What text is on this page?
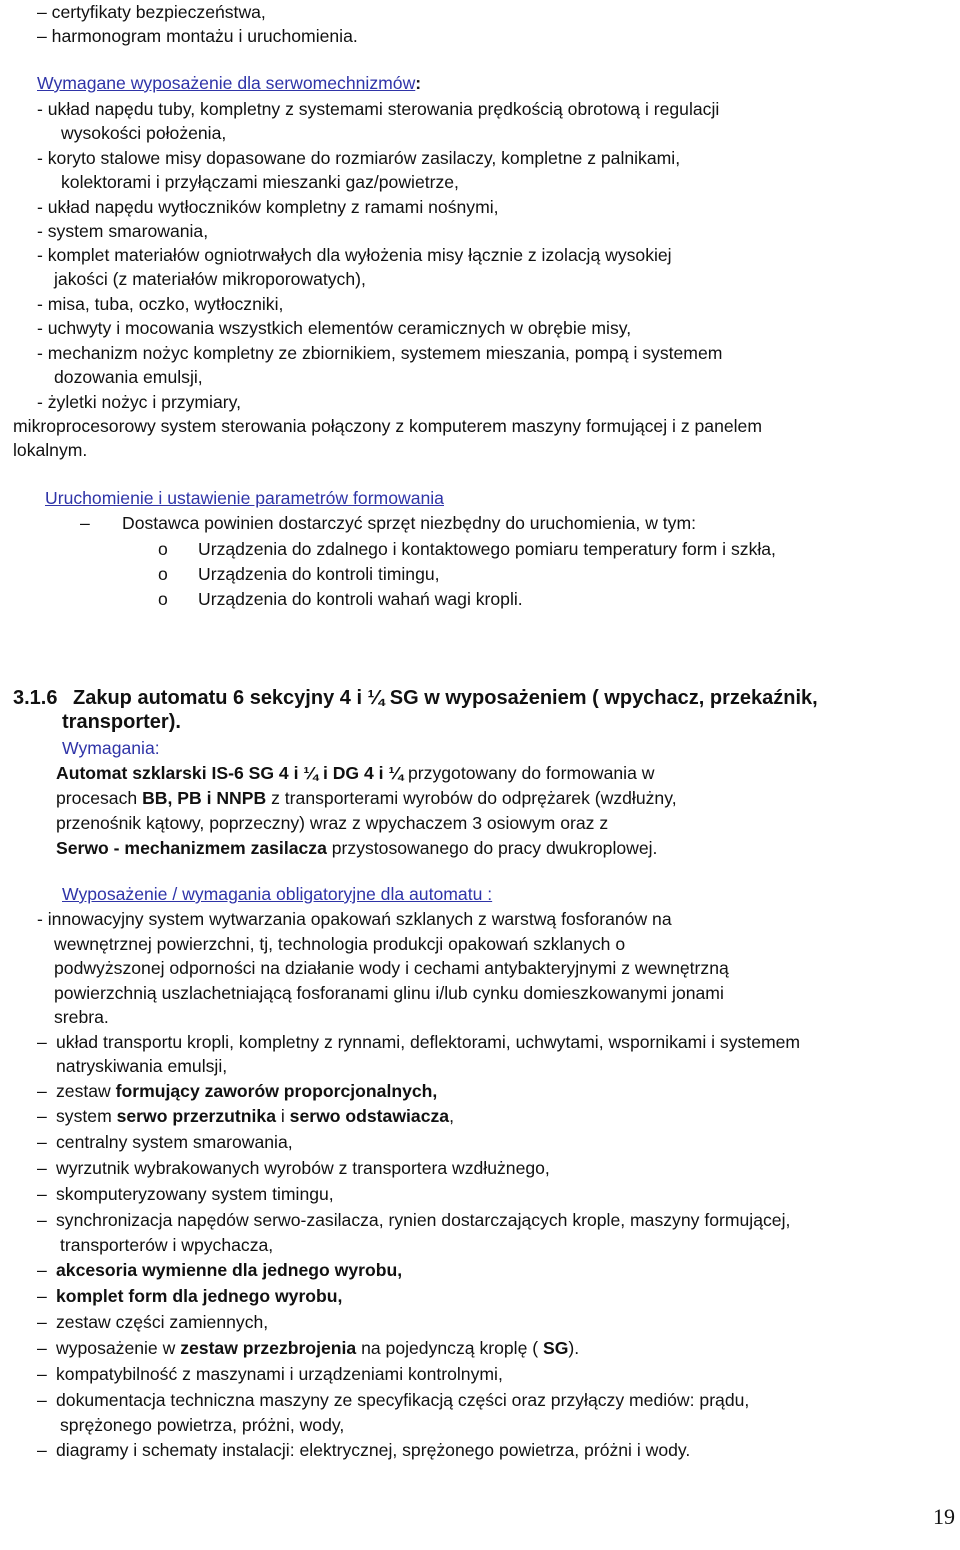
– certyfikaty bezpieczeństwa,
– harmonogram montażu i uruchomienia.
Wymagane wyposażenie dla serwomechnizmów:
- układ napędu tuby, kompletny z systemami sterowania prędkością obrotową i regulacji
wysokości położenia,
- koryto stalowe misy dopasowane do rozmiarów zasilaczy, kompletne z palnikami,
kolektorami i przyłączami mieszanki gaz/powietrze,
- układ napędu wytłoczników kompletny z ramami nośnymi,
- system smarowania,
- komplet materiałów ogniotrwałych dla wyłożenia misy łącznie z izolacją wysokiej
jakości (z materiałów mikroporowatych),
- misa, tuba, oczko, wytłoczniki,
- uchwyty i mocowania wszystkich elementów ceramicznych w obrębie misy,
- mechanizm nożyc kompletny ze zbiornikiem, systemem mieszania, pompą i systemem
dozowania emulsji,
- żyletki nożyc i przymiary,
mikroprocesorowy system sterowania połączony z komputerem maszyny formującej i z panelem
lokalnym.
Uruchomienie i ustawienie parametrów formowania
– Dostawca powinien dostarczyć sprzęt niezbędny do uruchomienia, w tym:
o Urządzenia do zdalnego i kontaktowego pomiaru temperatury form i szkła,
o Urządzenia do kontroli timingu,
o Urządzenia do kontroli wahań wagi kropli.
3.1.6 Zakup automatu 6 sekcyjny 4 i ¼ SG w wyposażeniem ( wpychacz, przekaźnik,
transporter).
Wymagania:
Automat szklarski IS-6 SG 4 i ¼ i DG 4 i ¼ przygotowany do formowania w
procesach BB, PB i NNPB z transporterami wyrobów do odprężarek (wzdłużny,
przenośnik kątowy, poprzeczny) wraz z wpychaczem 3 osiowym oraz z
Serwo - mechanizmem zasilacza przystosowanego do pracy dwukroplowej.
Wyposażenie / wymagania obligatoryjne dla automatu :
- innowacyjny system wytwarzania opakowań szklanych z warstwą fosforanów na
wewnętrznej powierzchni, tj, technologia produkcji opakowań szklanych o
podwyższonej odporności na działanie wody i cechami antybakteryjnymi z wewnętrzną
powierzchnią uszlachetniającą fosforanami glinu i/lub cynku domieszkowanymi jonami
srebra.
– układ transportu kropli, kompletny z rynnami, deflektorami, uchwytami, wspornikami i systemem
natryskiwania emulsji,
– zestaw formujący zaworów proporcjonalnych,
– system serwo przerzutnika i serwo odstawiacza,
– centralny system smarowania,
– wyrzutnik wybrakowanych wyrobów z transportera wzdłużnego,
– skomputeryzowany system timingu,
– synchronizacja napędów serwo-zasilacza, rynien dostarczających krople, maszyny formującej,
transporterów i wpychacza,
– akcesoria wymienne dla jednego wyrobu,
– komplet form dla jednego wyrobu,
– zestaw części zamiennych,
– wyposażenie w zestaw przezbrojenia na pojedynczą kroplę ( SG).
– kompatybilność z maszynami i urządzeniami kontrolnymi,
– dokumentacja techniczna maszyny ze specyfikacją części oraz przyłączy mediów: prądu,
sprężonego powietrza, próżni, wody,
– diagramy i schematy instalacji: elektrycznej, sprężonego powietrza, próżni i wody.
19
